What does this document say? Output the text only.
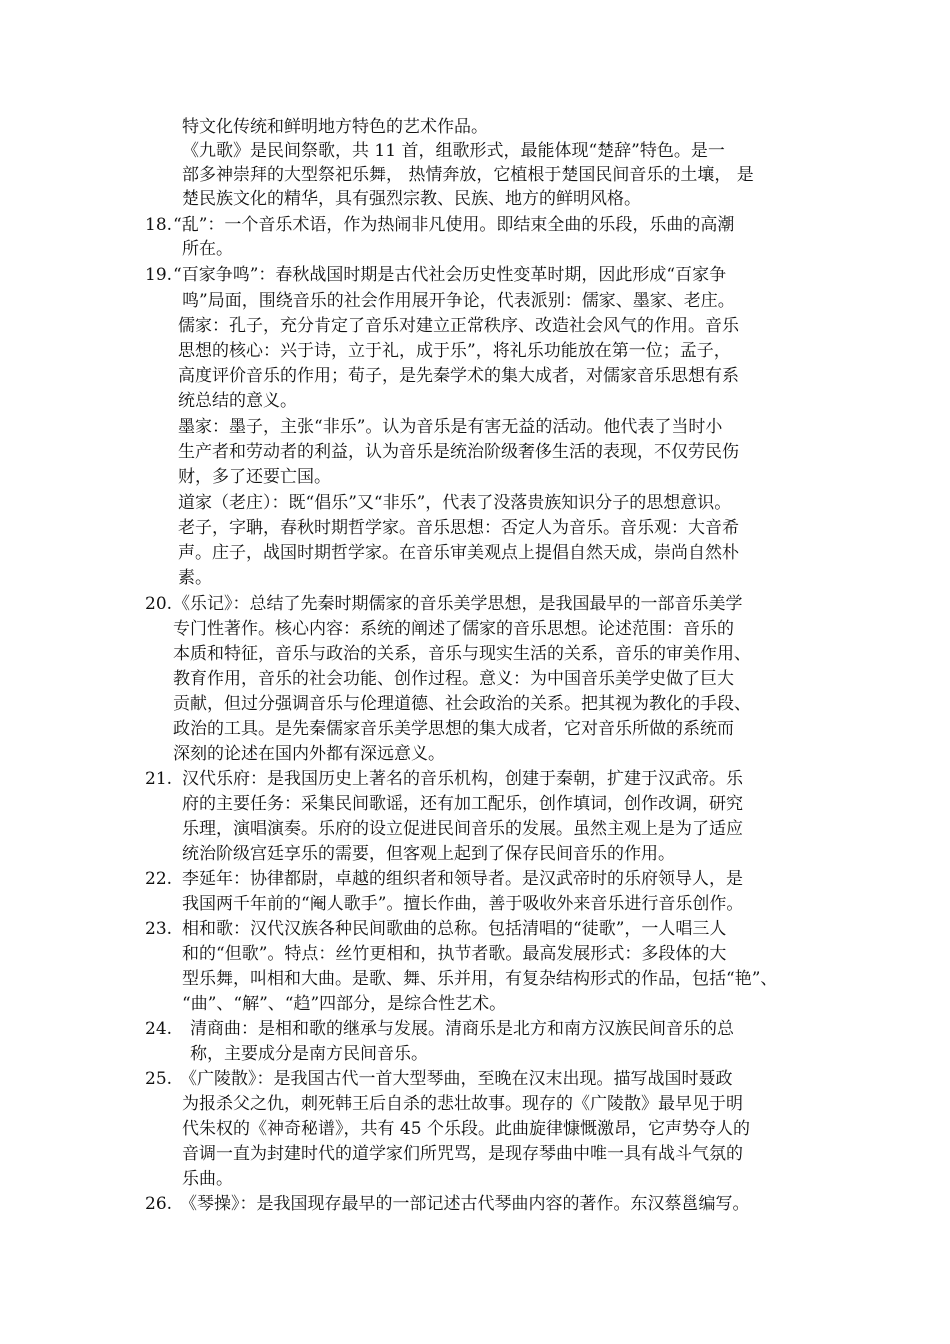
特文化传统和鲜明地方特色的艺术作品。
《九歌》是民间祭歌，共 11 首，组歌形式，最能体现“楚辞”特色。是一
部多神崇拜的大型祭祀乐舞， 热情奔放，它植根于楚国民间音乐的土壤， 是
楚民族文化的精华，具有强烈宗教、民族、地方的鲜明风格。
18. “乱”：一个音乐术语，作为热闹非凡使用。即结束全曲的乐段，乐曲的高潮
所在。
19. “百家争鸣”：春秋战国时期是古代社会历史性变革时期，因此形成“百家争
鸣”局面，围绕音乐的社会作用展开争论，代表派别：儒家、墨家、老庄。
儒家：孔子，充分肯定了音乐对建立正常秩序、改造社会风气的作用。音乐
思想的核心：兴于诗，立于礼，成于乐”，将礼乐功能放在第一位；孟子，
高度评价音乐的作用；荀子，是先秦学术的集大成者，对儒家音乐思想有系
统总结的意义。
墨家：墨子，主张“非乐”。认为音乐是有害无益的活动。他代表了当时小
生产者和劳动者的利益，认为音乐是统治阶级奢侈生活的表现，不仅劳民伤
财，多了还要亡国。
道家（老庄）：既“倡乐”又“非乐”，代表了没落贵族知识分子的思想意识。
老子，字聃，春秋时期哲学家。音乐思想：否定人为音乐。音乐观：大音希
声。庄子，战国时期哲学家。在音乐审美观点上提倡自然天成，崇尚自然朴
素。
20. 《乐记》：总结了先秦时期儒家的音乐美学思想，是我国最早的一部音乐美学
专门性著作。核心内容：系统的阐述了儒家的音乐思想。论述范围：音乐的
本质和特征，音乐与政治的关系，音乐与现实生活的关系，音乐的审美作用、
教育作用，音乐的社会功能、创作过程。意义：为中国音乐美学史做了巨大
贡献，但过分强调音乐与伦理道德、社会政治的关系。把其视为教化的手段、
政治的工具。是先秦儒家音乐美学思想的集大成者，它对音乐所做的系统而
深刻的论述在国内外都有深远意义。
21. 汉代乐府：是我国历史上著名的音乐机构，创建于秦朝，扩建于汉武帝。乐
府的主要任务：采集民间歌谣，还有加工配乐，创作填词，创作改调，研究
乐理，演唱演奏。乐府的设立促进民间音乐的发展。虽然主观上是为了适应
统治阶级宫廷享乐的需要，但客观上起到了保存民间音乐的作用。
22. 李延年：协律都尉，卓越的组织者和领导者。是汉武帝时的乐府领导人，是
我国两千年前的“阉人歌手”。擅长作曲，善于吸收外来音乐进行音乐创作。
23. 相和歌：汉代汉族各种民间歌曲的总称。包括清唱的“徒歌”，一人唱三人
和的“但歌”。特点：丝竹更相和，执节者歌。最高发展形式：多段体的大
型乐舞，叫相和大曲。是歌、舞、乐并用，有复杂结构形式的作品，包括“艳”、
“曲”、“解”、“趋”四部分，是综合性艺术。
24. 清商曲：是相和歌的继承与发展。清商乐是北方和南方汉族民间音乐的总
称，主要成分是南方民间音乐。
25. 《广陵散》：是我国古代一首大型琴曲，至晚在汉末出现。描写战国时聂政
为报杀父之仇，刺死韩王后自杀的悲壮故事。现存的《广陵散》最早见于明
代朱权的《神奇秘谱》，共有 45 个乐段。此曲旋律慷慨激昂，它声势夺人的
音调一直为封建时代的道学家们所咒骂，是现存琴曲中唯一具有战斗气氛的
乐曲。
26. 《琴操》：是我国现存最早的一部记述古代琴曲内容的著作。东汉蔡邕编写。
